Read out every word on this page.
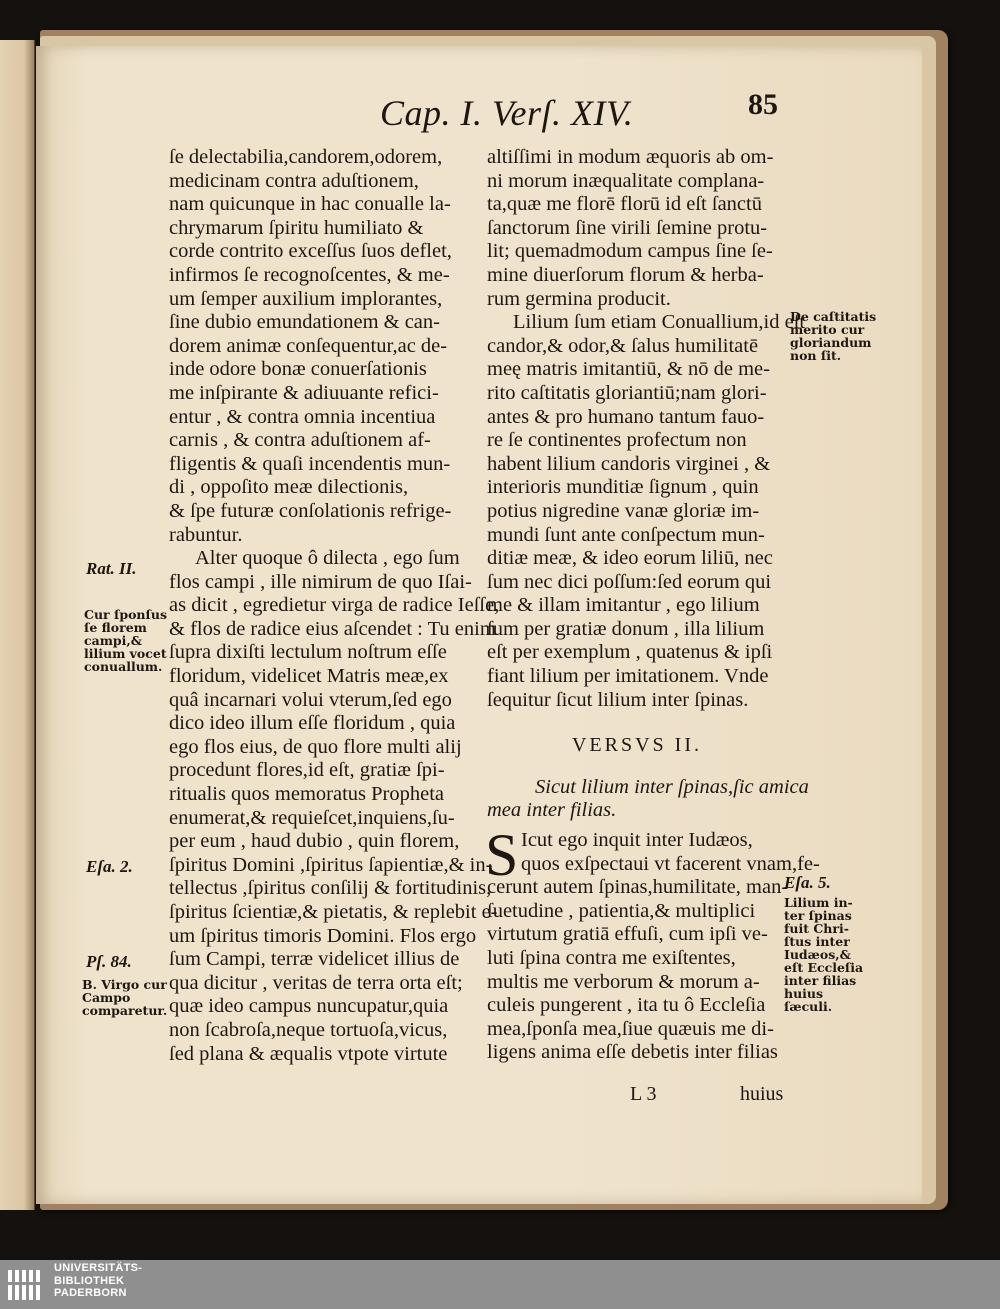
Cap. I. Verſ. XIV.	85
ſe delectabilia,candorem,odorem,
medicinam contra aduſtionem,
nam quicunque in hac conualle la-
chrymarum ſpiritu humiliato &
corde contrito exceſſus ſuos deflet,
infirmos ſe recognoſcentes, & me-
um ſemper auxilium implorantes,
ſine dubio emundationem & can-
dorem animæ conſequentur,ac de-
inde odore bonæ conuerſationis
me inſpirante & adiuuante refici-
entur , & contra omnia incentiua
carnis , & contra aduſtionem af-
fligentis & quaſi incendentis mun-
di , oppoſito meæ dilectionis,
& ſpe futuræ conſolationis refrige-
rabuntur.
Alter quoque ô dilecta , ego ſum
flos campi , ille nimirum de quo Iſai-
as dicit , egredietur virga de radice Ieſſe,
& flos de radice eius aſcendet : Tu enim
ſupra dixiſti lectulum noſtrum eſſe
floridum, videlicet Matris meæ,ex
quâ incarnari volui vterum,ſed ego
dico ideo illum eſſe floridum , quia
ego flos eius, de quo flore multi alij
procedunt flores,id eſt, gratiæ ſpi-
ritualis quos memoratus Propheta
enumerat,& requieſcet,inquiens,ſu-
per eum , haud dubio , quin florem,
ſpiritus Domini ,ſpiritus ſapientiæ,& in-
tellectus ,ſpiritus conſilij & fortitudinis,
ſpiritus ſcientiæ,& pietatis, & replebit e-
um ſpiritus timoris Domini. Flos ergo
ſum Campi, terræ videlicet illius de
qua dicitur , veritas de terra orta eſt;
quæ ideo campus nuncupatur,quia
non ſcabroſa,neque tortuoſa,vicus,
ſed plana & æqualis vtpote virtute
altiſſimi in modum æquoris ab om-
ni morum inæqualitate complana-
ta,quæ me florē florū id eſt ſanctū
ſanctorum ſine virili ſemine protu-
lit; quemadmodum campus ſine ſe-
mine diuerſorum florum & herba-
rum germina producit.
Lilium ſum etiam Conuallium,id eſt
candor,& odor,& ſalus humilitatē
meę matris imitantiū, & nō de me-
rito caſtitatis gloriantiū;nam glori-
antes & pro humano tantum fauo-
re ſe continentes profectum non
habent lilium candoris virginei , &
interioris munditiæ ſignum , quin
potius nigredine vanæ gloriæ im-
mundi ſunt ante conſpectum mun-
ditiæ meæ, & ideo eorum liliū, nec
ſum nec dici poſſum:ſed eorum qui
me & illam imitantur , ego lilium
ſum per gratiæ donum , illa lilium
eſt per exemplum , quatenus & ipſi
fiant lilium per imitationem. Vnde
ſequitur ſicut lilium inter ſpinas.
VERSVS II.
Sicut lilium inter ſpinas,ſic amica
mea inter filias.
S Icut ego inquit inter Iudæos,
quos exſpectaui vt facerent vnam,fe-
cerunt autem ſpinas,humilitate, man-
ſuetudine , patientia,& multiplici
virtutum gratiā effuſi, cum ipſi ve-
luti ſpina contra me exiſtentes,
multis me verborum & morum a-
culeis pungerent , ita tu ô Eccleſia
mea,ſponſa mea,ſiue quæuis me di-
ligens anima eſſe debetis inter filias
L 3	huius
Rat. II.
Cur ſponſus
ſe florem
campi,&
lilium vocet
conuallum.
Eſa. 2.
Pſ. 84.
B. Virgo cur
Campo
comparetur.
De caſtitatis
merito cur
gloriandum
non ſit.
Eſa. 5.
Lilium in-
ter ſpinas
fuit Chri-
ſtus inter
Iudæos,&
eſt Eccleſia
inter filias
huius
ſæculi.
UNIVERSITÄTS-
BIBLIOTHEK
PADERBORN
